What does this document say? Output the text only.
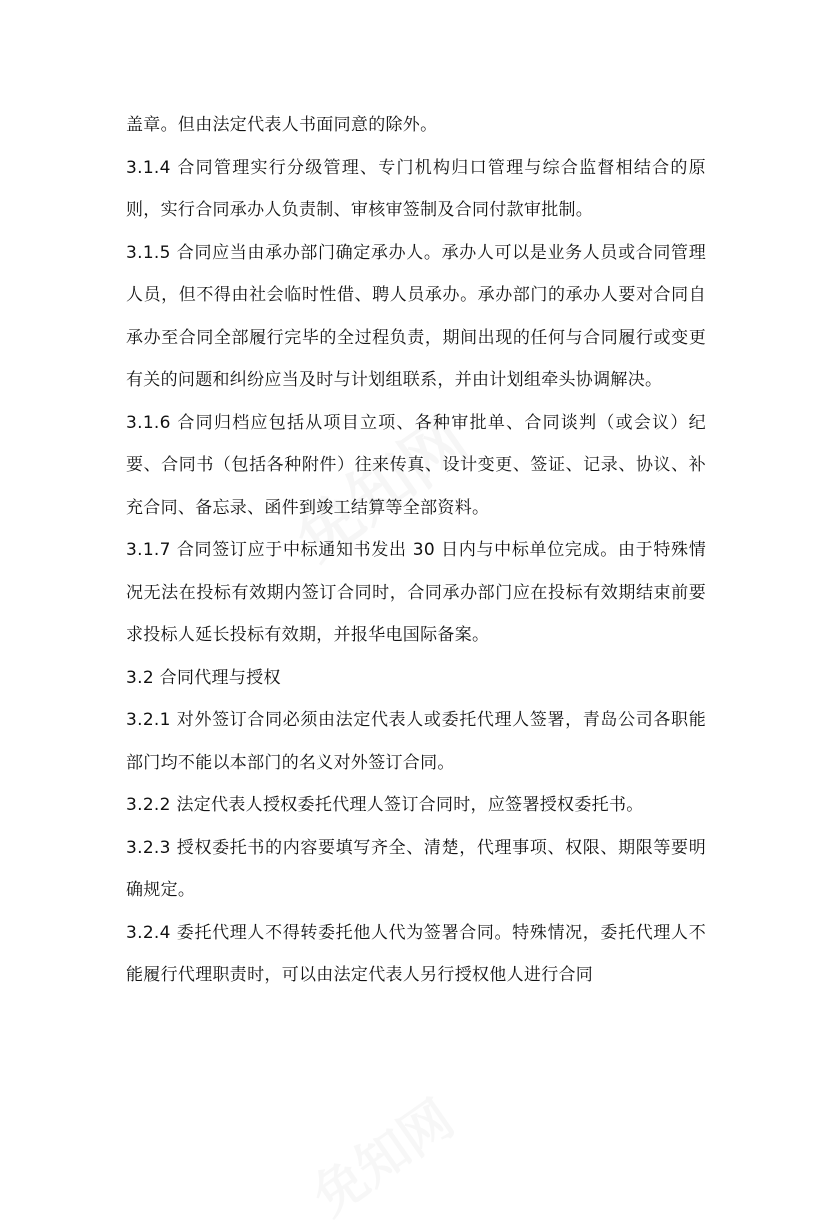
盖章。但由法定代表人书面同意的除外。

3.1.4 合同管理实行分级管理、专门机构归口管理与综合监督相结合的原则，实行合同承办人负责制、审核审签制及合同付款审批制。

3.1.5 合同应当由承办部门确定承办人。承办人可以是业务人员或合同管理人员，但不得由社会临时性借、聘人员承办。承办部门的承办人要对合同自承办至合同全部履行完毕的全过程负责，期间出现的任何与合同履行或变更有关的问题和纠纷应当及时与计划组联系，并由计划组牵头协调解决。

3.1.6 合同归档应包括从项目立项、各种审批单、合同谈判（或会议）纪要、合同书（包括各种附件）往来传真、设计变更、签证、记录、协议、补充合同、备忘录、函件到竣工结算等全部资料。

3.1.7 合同签订应于中标通知书发出 30 日内与中标单位完成。由于特殊情况无法在投标有效期内签订合同时，合同承办部门应在投标有效期结束前要求投标人延长投标有效期，并报华电国际备案。

3.2 合同代理与授权

3.2.1 对外签订合同必须由法定代表人或委托代理人签署，青岛公司各职能部门均不能以本部门的名义对外签订合同。

3.2.2 法定代表人授权委托代理人签订合同时，应签署授权委托书。

3.2.3 授权委托书的内容要填写齐全、清楚，代理事项、权限、期限等要明确规定。

3.2.4 委托代理人不得转委托他人代为签署合同。特殊情况，委托代理人不能履行代理职责时，可以由法定代表人另行授权他人进行合同
